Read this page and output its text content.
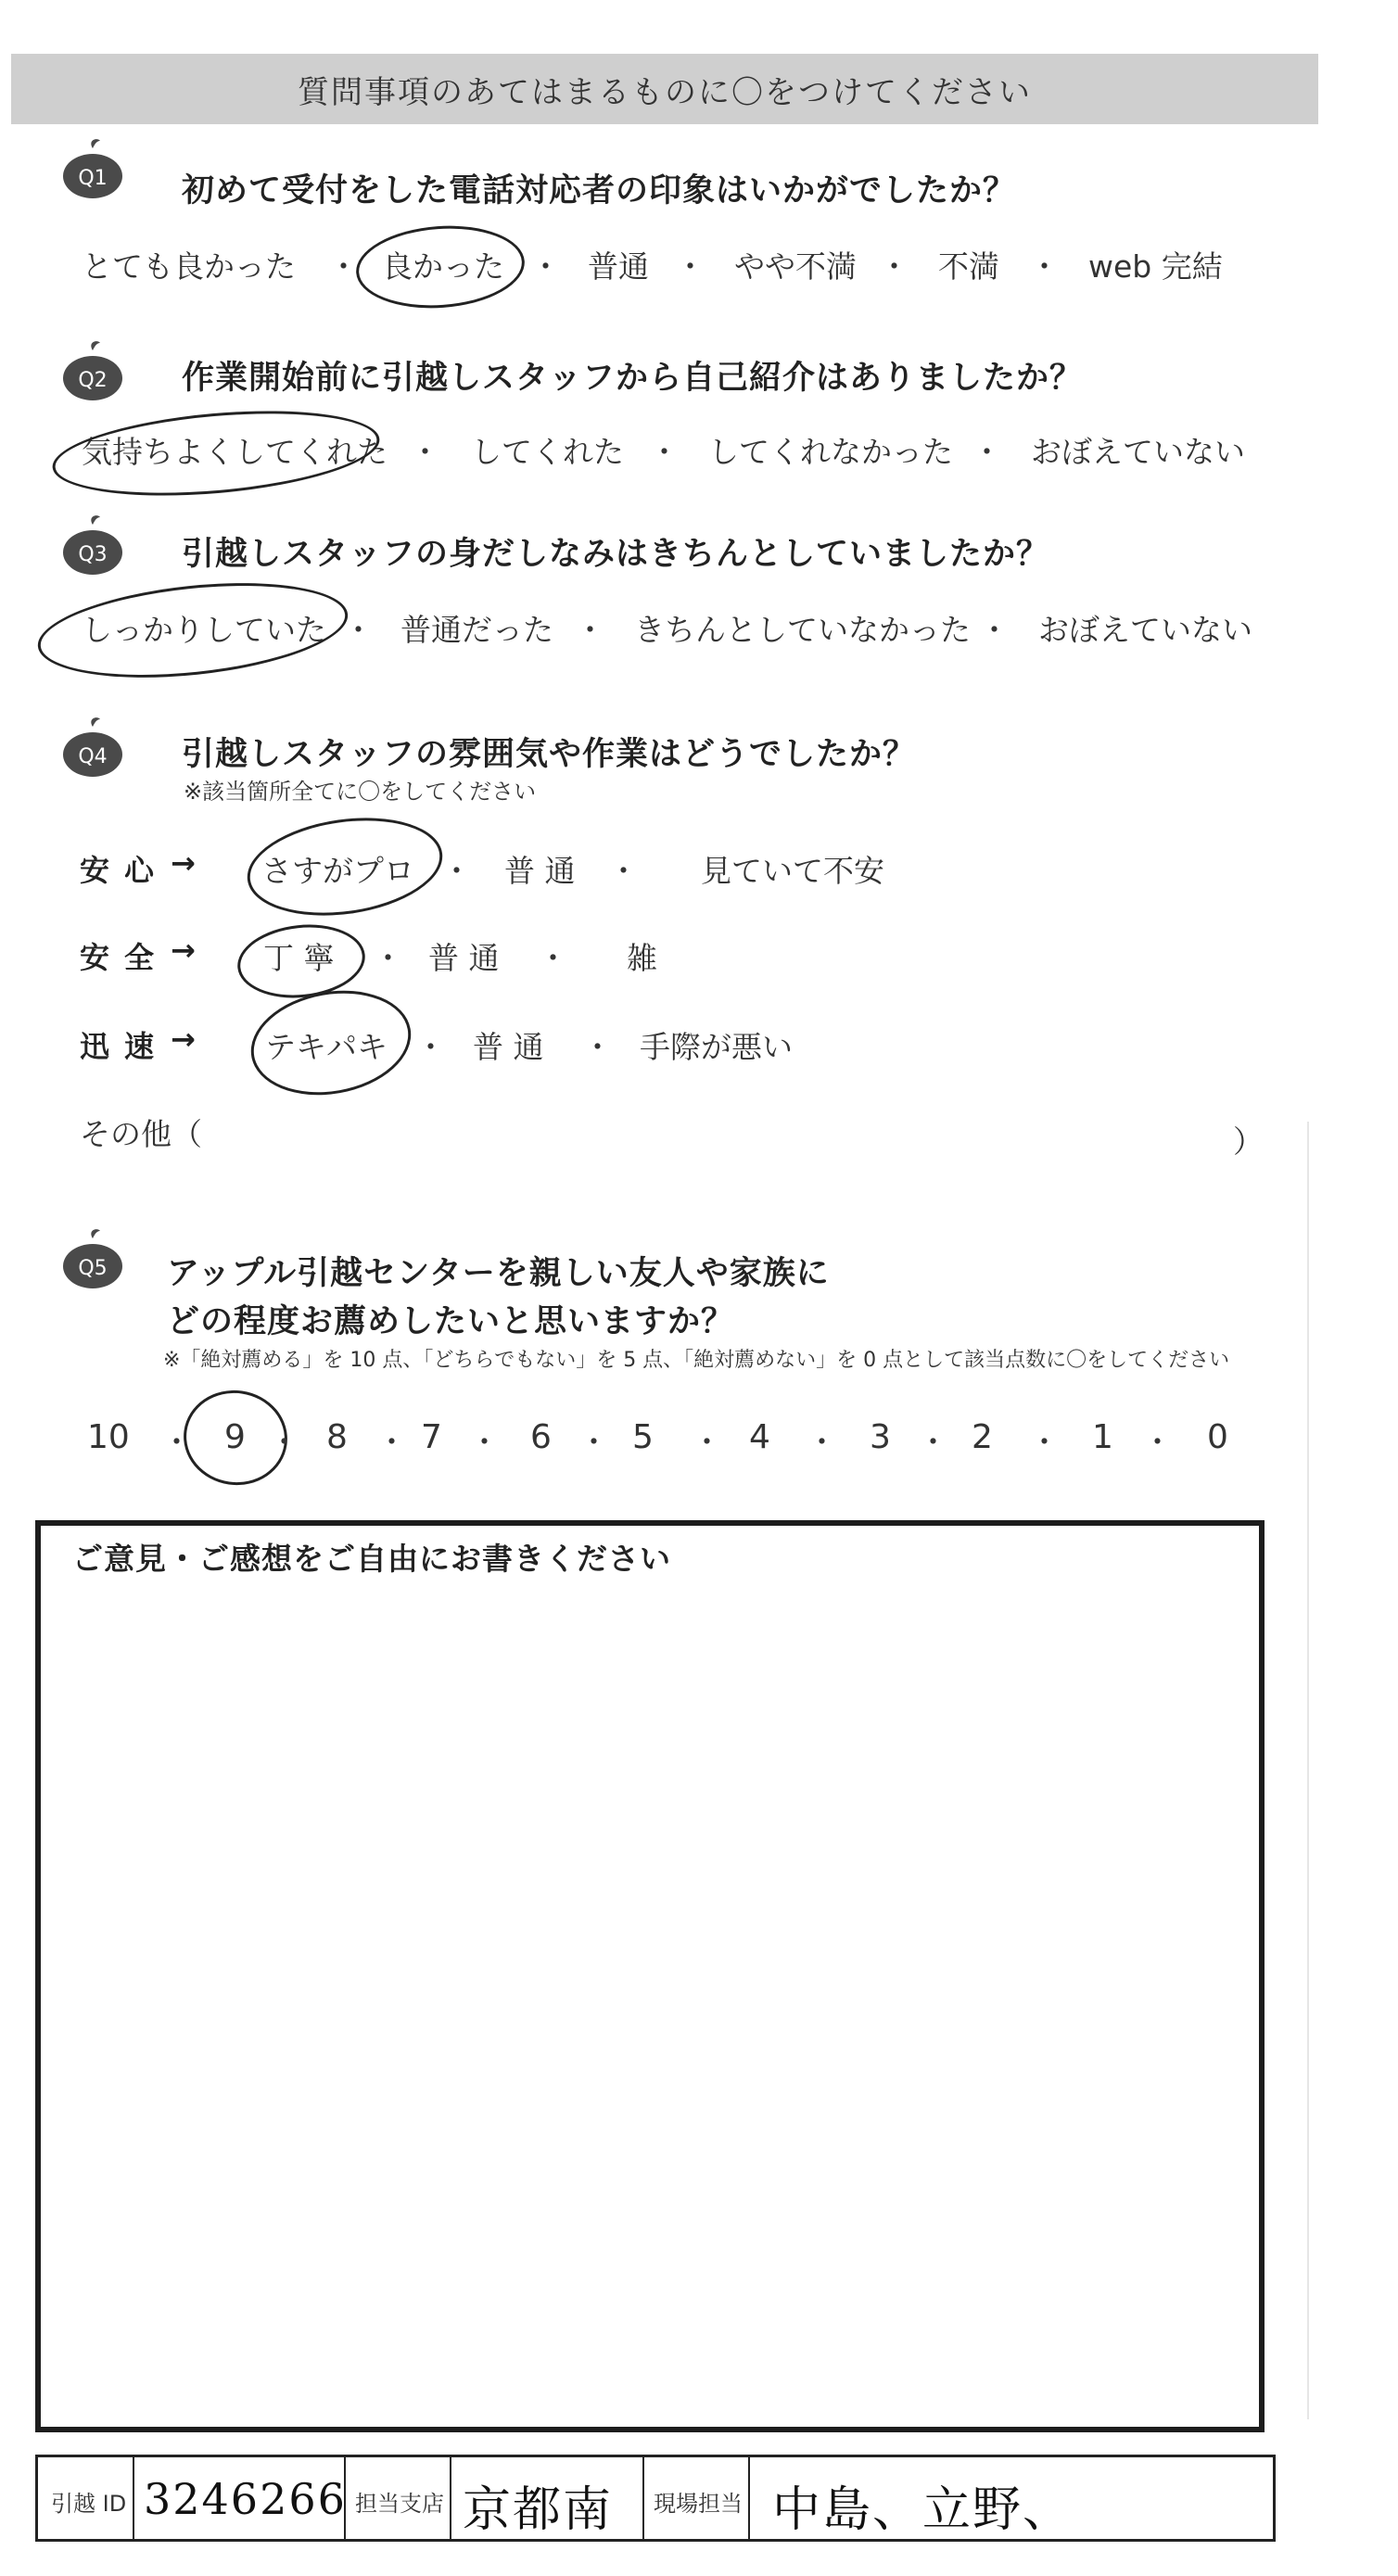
質問事項のあてはまるものに〇をつけてください
Q1 初めて受付をした電話対応者の印象はいかがでしたか？
とても良かった ・ 良かった ・ 普通 ・ やや不満 ・ 不満 ・ web 完結
Q2 作業開始前に引越しスタッフから自己紹介はありましたか？
気持ちよくしてくれた ・ してくれた ・ してくれなかった ・ おぼえていない
Q3 引越しスタッフの身だしなみはきちんとしていましたか？
しっかりしていた ・ 普通だった ・ きちんとしていなかった ・ おぼえていない
Q4 引越しスタッフの雰囲気や作業はどうでしたか？
※該当箇所全てに〇をしてください
安心 → さすがプロ ・ 普 通 ・ 見ていて不安
安全 → 丁 寧 ・ 普 通 ・ 雑
迅速 → テキパキ ・ 普 通 ・ 手際が悪い
その他（	）
Q5 アップル引越センターを親しい友人や家族に
どの程度お薦めしたいと思いますか？
※「絶対薦める」を 10 点、「どちらでもない」を 5 点、「絶対薦めない」を 0 点として該当点数に〇をしてください
10 ・ 9 ・ 8 ・ 7 ・ 6 ・ 5 ・ 4 ・ 3 ・ 2 ・ 1 ・ 0
ご意見・ご感想をご自由にお書きください
引越 ID 3246266 担当支店 京都南 現場担当 中島、立野、
